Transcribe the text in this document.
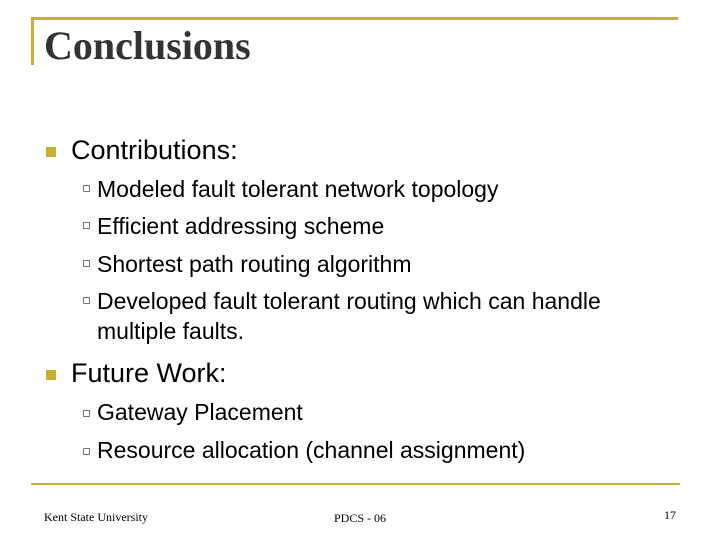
Conclusions
Contributions:
Modeled fault tolerant network topology
Efficient addressing scheme
Shortest path routing algorithm
Developed fault tolerant routing which can handle
multiple faults.
Future Work:
Gateway Placement
Resource allocation (channel assignment)
Kent State University	PDCS - 06	17
